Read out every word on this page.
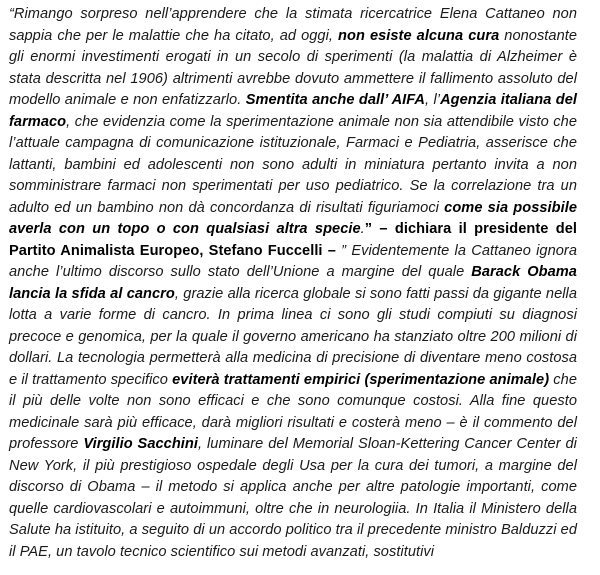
“Rimango sorpreso nell’apprendere che la stimata ricercatrice Elena Cattaneo non sappia che per le malattie che ha citato, ad oggi, non esiste alcuna cura nonostante gli enormi investimenti erogati in un secolo di sperimenti (la malattia di Alzheimer è stata descritta nel 1906) altrimenti avrebbe dovuto ammettere il fallimento assoluto del modello animale e non enfatizzarlo. Smentita anche dall’ AIFA, l’Agenzia italiana del farmaco, che evidenzia come la sperimentazione animale non sia attendibile visto che l’attuale campagna di comunicazione istituzionale, Farmaci e Pediatria, asserisce che lattanti, bambini ed adolescenti non sono adulti in miniatura pertanto invita a non somministrare farmaci non sperimentati per uso pediatrico. Se la correlazione tra un adulto ed un bambino non dà concordanza di risultati figuriamoci come sia possibile averla con un topo o con qualsiasi altra specie.” – dichiara il presidente del Partito Animalista Europeo, Stefano Fuccelli – ” Evidentemente la Cattaneo ignora anche l’ultimo discorso sullo stato dell’Unione a margine del quale Barack Obama lancia la sfida al cancro, grazie alla ricerca globale si sono fatti passi da gigante nella lotta a varie forme di cancro. In prima linea ci sono gli studi compiuti su diagnosi precoce e genomica, per la quale il governo americano ha stanziato oltre 200 milioni di dollari. La tecnologia permetterà alla medicina di precisione di diventare meno costosa e il trattamento specifico eviterà trattamenti empirici (sperimentazione animale) che il più delle volte non sono efficaci e che sono comunque costosi. Alla fine questo medicinale sarà più efficace, darà migliori risultati e costerà meno – è il commento del professore Virgilio Sacchini, luminare del Memorial Sloan-Kettering Cancer Center di New York, il più prestigioso ospedale degli Usa per la cura dei tumori, a margine del discorso di Obama – il metodo si applica anche per altre patologie importanti, come quelle cardiovascolari e autoimmuni, oltre che in neurologiia. In Italia il Ministero della Salute ha istituito, a seguito di un accordo politico tra il precedente ministro Balduzzi ed il PAE, un tavolo tecnico scientifico sui metodi avanzati, sostitutivi
